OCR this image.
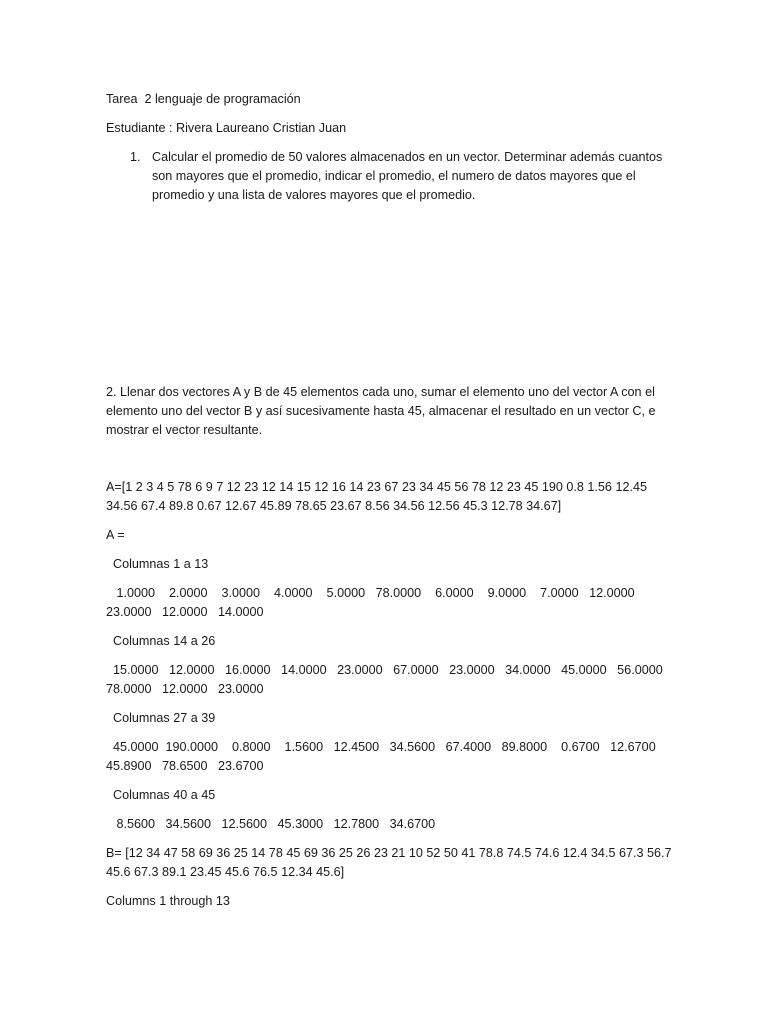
Tarea  2 lenguaje de programación

Estudiante : Rivera Laureano Cristian Juan

1. Calcular el promedio de 50 valores almacenados en un vector. Determinar además cuantos son mayores que el promedio, indicar el promedio, el numero de datos mayores que el promedio y una lista de valores mayores que el promedio.

2. Llenar dos vectores A y B de 45 elementos cada uno, sumar el elemento uno del vector A con el elemento uno del vector B y así sucesivamente hasta 45, almacenar el resultado en un vector C, e mostrar el vector resultante.

A=[1 2 3 4 5 78 6 9 7 12 23 12 14 15 12 16 14 23 67 23 34 45 56 78 12 23 45 190 0.8 1.56 12.45 34.56 67.4 89.8 0.67 12.67 45.89 78.65 23.67 8.56 34.56 12.56 45.3 12.78 34.67]

A =

Columnas 1 a 13

1.0000    2.0000    3.0000    4.0000    5.0000   78.0000    6.0000    9.0000    7.0000   12.0000   23.0000   12.0000   14.0000

Columnas 14 a 26

15.0000   12.0000   16.0000   14.0000   23.0000   67.0000   23.0000   34.0000   45.0000   56.0000   78.0000   12.0000   23.0000

Columnas 27 a 39

45.0000  190.0000    0.8000    1.5600   12.4500   34.5600   67.4000   89.8000    0.6700   12.6700   45.8900   78.6500   23.6700

Columnas 40 a 45

8.5600   34.5600   12.5600   45.3000   12.7800   34.6700

B= [12 34 47 58 69 36 25 14 78 45 69 36 25 26 23 21 10 52 50 41 78.8 74.5 74.6 12.4 34.5 67.3 56.7 45.6 67.3 89.1 23.45 45.6 76.5 12.34 45.6]

Columns 1 through 13
